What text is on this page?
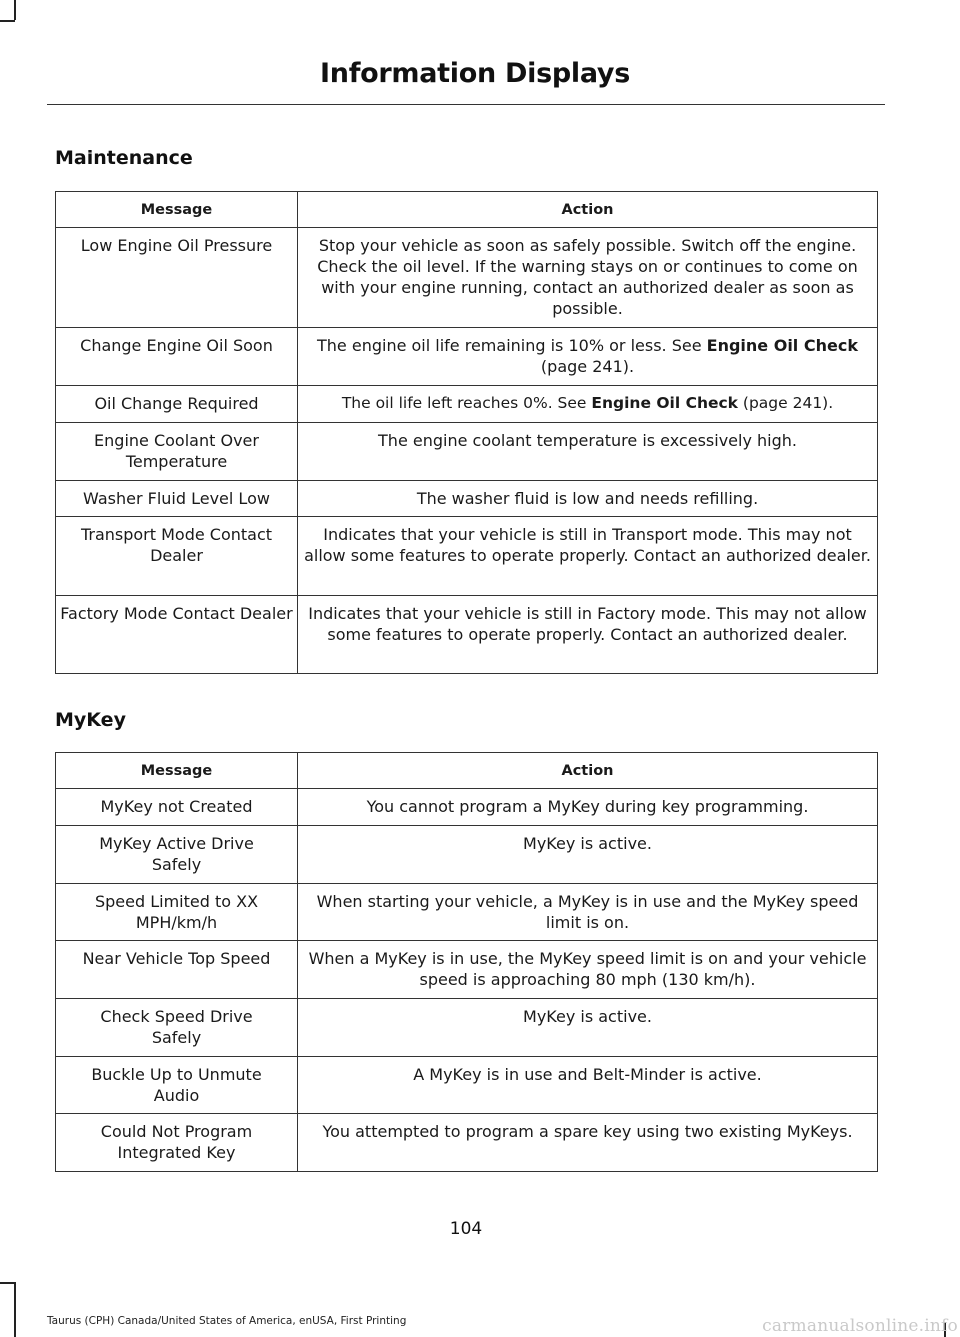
Information Displays
Maintenance
Message	Action
Low Engine Oil Pressure	Stop your vehicle as soon as safely possible. Switch off the engine. Check the oil level. If the warning stays on or continues to come on with your engine running, contact an authorized dealer as soon as possible.
Change Engine Oil Soon	The engine oil life remaining is 10% or less. See Engine Oil Check (page 241).
Oil Change Required	The oil life left reaches 0%. See Engine Oil Check (page 241).
Engine Coolant Over Temperature	The engine coolant temperature is excessively high.
Washer Fluid Level Low	The washer fluid is low and needs refilling.
Transport Mode Contact Dealer	Indicates that your vehicle is still in Transport mode. This may not allow some features to operate properly. Contact an authorized dealer.
Factory Mode Contact Dealer	Indicates that your vehicle is still in Factory mode. This may not allow some features to operate properly. Contact an authorized dealer.
MyKey
Message	Action
MyKey not Created	You cannot program a MyKey during key programming.
MyKey Active Drive Safely	MyKey is active.
Speed Limited to XX MPH/km/h	When starting your vehicle, a MyKey is in use and the MyKey speed limit is on.
Near Vehicle Top Speed	When a MyKey is in use, the MyKey speed limit is on and your vehicle speed is approaching 80 mph (130 km/h).
Check Speed Drive Safely	MyKey is active.
Buckle Up to Unmute Audio	A MyKey is in use and Belt-Minder is active.
Could Not Program Integrated Key	You attempted to program a spare key using two existing MyKeys.
104
Taurus (CPH) Canada/United States of America, enUSA, First Printing	carmanualsonline.info
